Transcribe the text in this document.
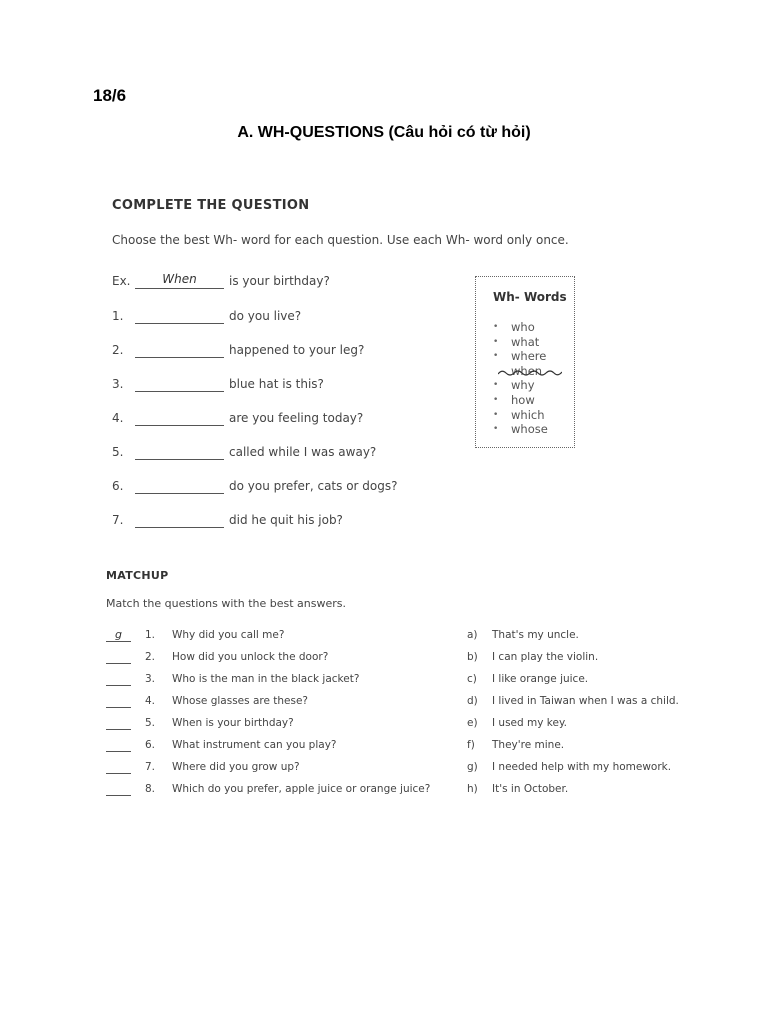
18/6
A. WH-QUESTIONS (Câu hỏi có từ hỏi)
COMPLETE THE QUESTION
Choose the best Wh- word for each question. Use each Wh- word only once.
Ex.	When	is your birthday?
1.	do you live?
2.	happened to your leg?
3.	blue hat is this?
4.	are you feeling today?
5.	called while I was away?
6.	do you prefer, cats or dogs?
7.	did he quit his job?
Wh- Words
• who
• what
• where
when
• why
• how
• which
• whose
MATCHUP
Match the questions with the best answers.
g	1. Why did you call me?	a) That's my uncle.
2. How did you unlock the door?	b) I can play the violin.
3. Who is the man in the black jacket?	c) I like orange juice.
4. Whose glasses are these?	d) I lived in Taiwan when I was a child.
5. When is your birthday?	e) I used my key.
6. What instrument can you play?	f) They're mine.
7. Where did you grow up?	g) I needed help with my homework.
8. Which do you prefer, apple juice or orange juice?	h) It's in October.
